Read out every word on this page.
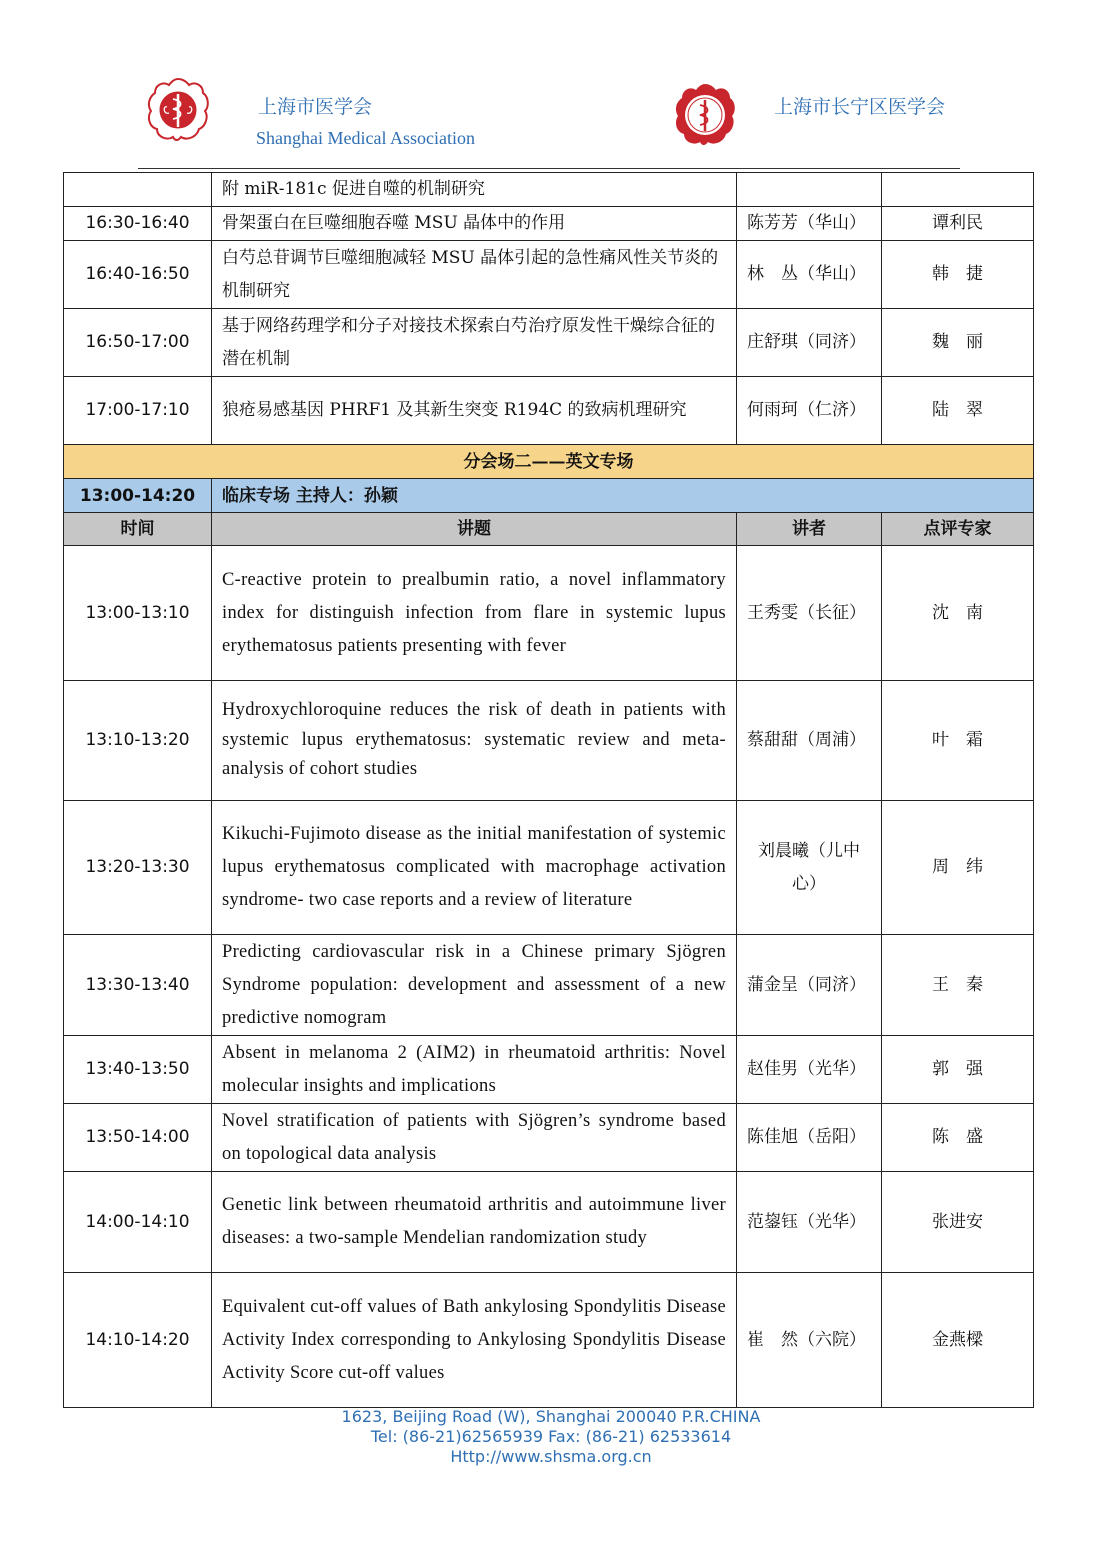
上海市医学会
Shanghai Medical Association
上海市长宁区医学会
	附 miR-181c 促进自噬的机制研究		
16:30-16:40	骨架蛋白在巨噬细胞吞噬 MSU 晶体中的作用	陈芳芳（华山）	谭利民
16:40-16:50	白芍总苷调节巨噬细胞减轻 MSU 晶体引起的急性痛风性关节炎的机制研究	林　丛（华山）	韩　捷
16:50-17:00	基于网络药理学和分子对接技术探索白芍治疗原发性干燥综合征的潜在机制	庄舒琪（同济）	魏　丽
17:00-17:10	狼疮易感基因 PHRF1 及其新生突变 R194C 的致病机理研究	何雨珂（仁济）	陆　翠
分会场二——英文专场			
13:00-14:20	临床专场 主持人：孙颖		
时间	讲题	讲者	点评专家
13:00-13:10	C-reactive protein to prealbumin ratio, a novel inflammatory index for distinguish infection from flare in systemic lupus erythematosus patients presenting with fever	王秀雯（长征）	沈　南
13:10-13:20	Hydroxychloroquine reduces the risk of death in patients with systemic lupus erythematosus: systematic review and meta-analysis of cohort studies	蔡甜甜（周浦）	叶　霜
13:20-13:30	Kikuchi-Fujimoto disease as the initial manifestation of systemic lupus erythematosus complicated with macrophage activation syndrome- two case reports and a review of literature	刘晨曦（儿中心）	周　纬
13:30-13:40	Predicting cardiovascular risk in a Chinese primary Sjögren Syndrome population: development and assessment of a new predictive nomogram	蒲金呈（同济）	王　秦
13:40-13:50	Absent in melanoma 2 (AIM2) in rheumatoid arthritis: Novel molecular insights and implications	赵佳男（光华）	郭　强
13:50-14:00	Novel stratification of patients with Sjögren’s syndrome based on topological data analysis	陈佳旭（岳阳）	陈　盛
14:00-14:10	Genetic link between rheumatoid arthritis and autoimmune liver diseases: a two-sample Mendelian randomization study	范鋆钰（光华）	张进安
14:10-14:20	Equivalent cut-off values of Bath ankylosing Spondylitis Disease Activity Index corresponding to Ankylosing Spondylitis Disease Activity Score cut-off values	崔　然（六院）	金燕樑
1623, Beijing Road (W), Shanghai 200040 P.R.CHINA
Tel: (86-21)62565939 Fax: (86-21) 62533614
Http://www.shsma.org.cn
